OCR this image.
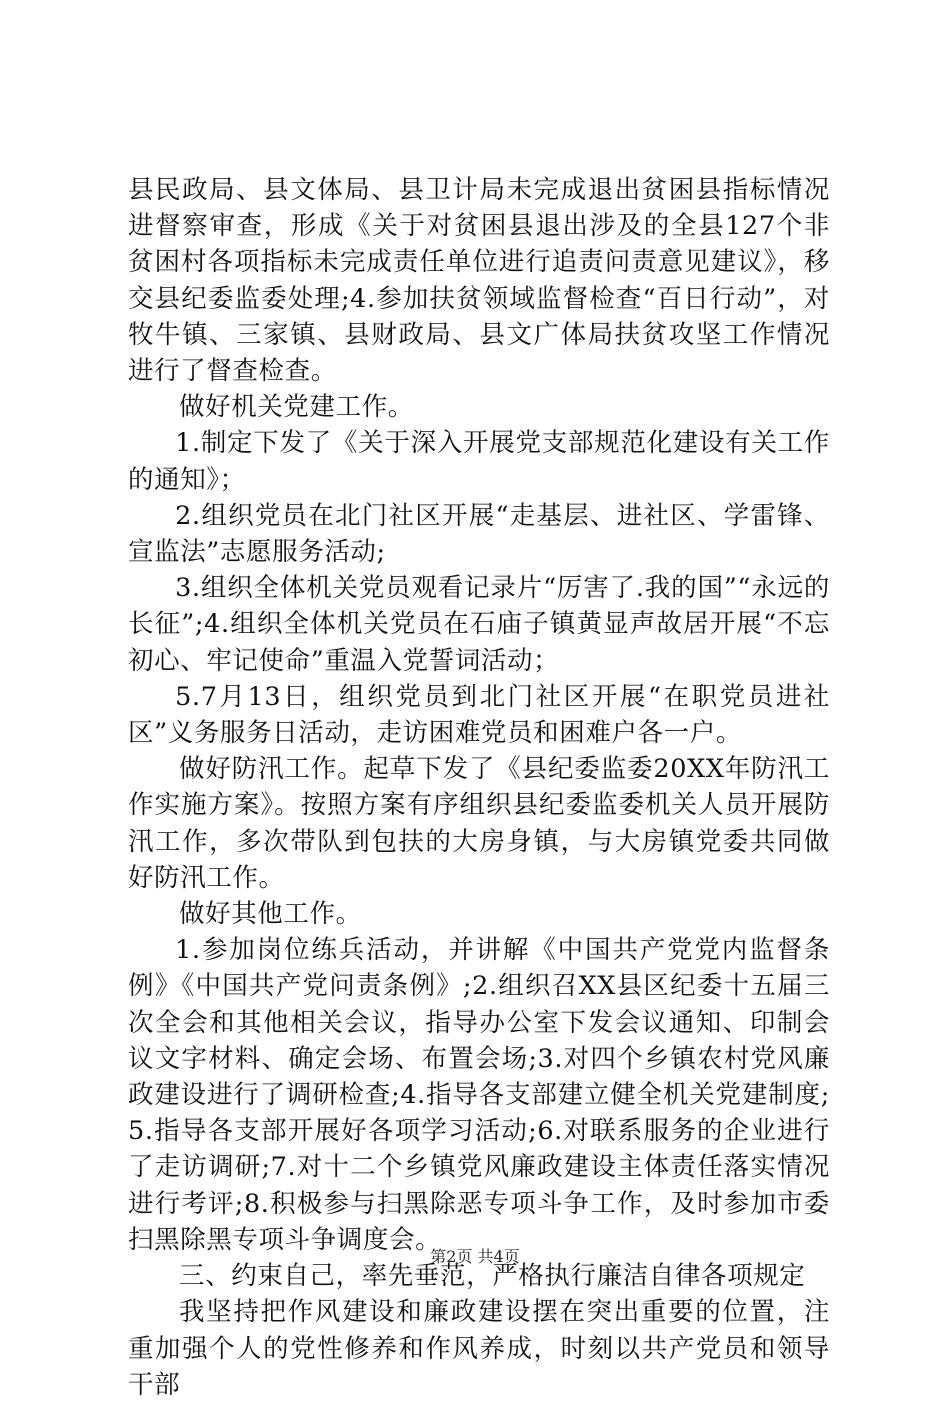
县民政局、县文体局、县卫计局未完成退出贫困县指标情况进督察审查，形成《关于对贫困县退出涉及的全县127个非贫困村各项指标未完成责任单位进行追责问责意见建议》，移交县纪委监委处理;4.参加扶贫领域监督检查“百日行动”，对牧牛镇、三家镇、县财政局、县文广体局扶贫攻坚工作情况进行了督查检查。

做好机关党建工作。

1.制定下发了《关于深入开展党支部规范化建设有关工作的通知》；

2.组织党员在北门社区开展“走基层、进社区、学雷锋、宣监法”志愿服务活动;

3.组织全体机关党员观看记录片“厉害了.我的国”“永远的长征”;4.组织全体机关党员在石庙子镇黄显声故居开展“不忘初心、牢记使命”重温入党誓词活动；

5.7月13日，组织党员到北门社区开展“在职党员进社区”义务服务日活动，走访困难党员和困难户各一户。

做好防汛工作。起草下发了《县纪委监委20XX年防汛工作实施方案》。按照方案有序组织县纪委监委机关人员开展防汛工作，多次带队到包扶的大房身镇，与大房镇党委共同做好防汛工作。

做好其他工作。

1.参加岗位练兵活动，并讲解《中国共产党党内监督条例》《中国共产党问责条例》;2.组织召XX县区纪委十五届三次全会和其他相关会议，指导办公室下发会议通知、印制会议文字材料、确定会场、布置会场;3.对四个乡镇农村党风廉政建设进行了调研检查;4.指导各支部建立健全机关党建制度;5.指导各支部开展好各项学习活动;6.对联系服务的企业进行了走访调研;7.对十二个乡镇党风廉政建设主体责任落实情况进行考评;8.积极参与扫黑除恶专项斗争工作，及时参加市委扫黑除黑专项斗争调度会。

三、约束自己，率先垂范，严格执行廉洁自律各项规定

我坚持把作风建设和廉政建设摆在突出重要的位置，注重加强个人的党性修养和作风养成，时刻以共产党员和领导干部

第2页 共4页
